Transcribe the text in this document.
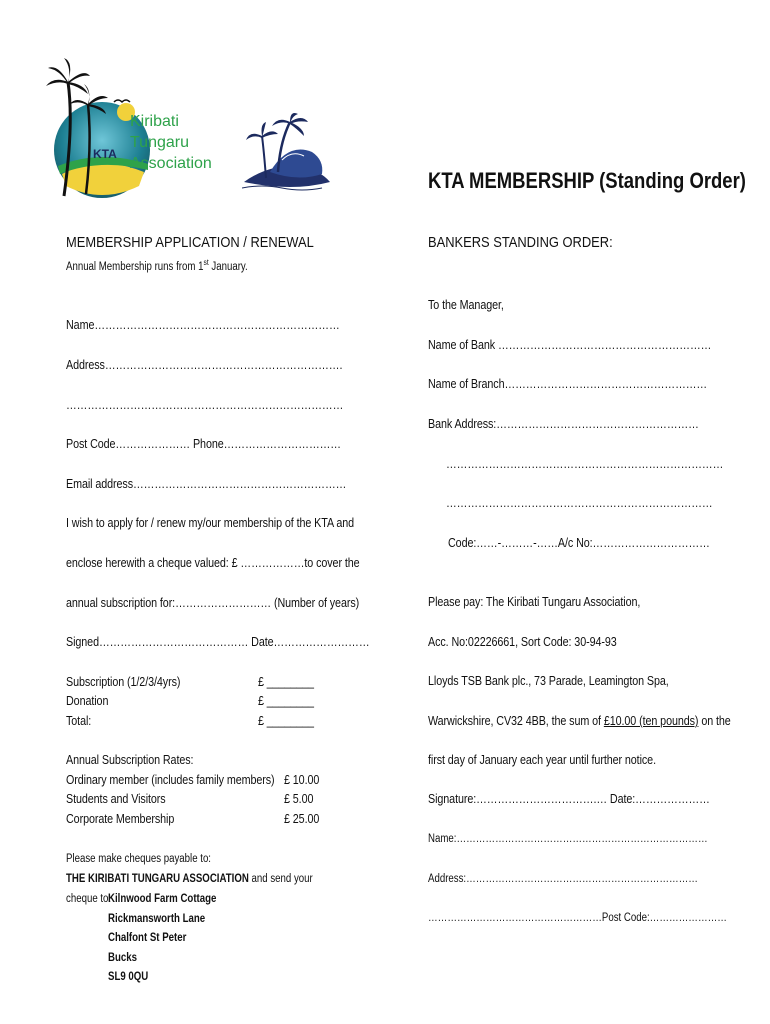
KTA
Kiribati
Tungaru
Association
KTA MEMBERSHIP (Standing Order)
MEMBERSHIP APPLICATION / RENEWAL
Annual Membership runs from 1st January.
Name……………………………………………………………
Address………………………………………………………….
……………………………………………………………………
Post Code………………… Phone……………………………
Email address……………………………………………………
I wish to apply for / renew my/our membership of the KTA and
enclose herewith a cheque valued: £ ………………to cover the
annual subscription for:……………………… (Number of years)
Signed…………………………………… Date………………………
Subscription (1/2/3/4yrs)	£ ________
Donation	£ ________
Total:	£ ________
Annual Subscription Rates:
Ordinary member (includes family members) £ 10.00
Students and Visitors	£ 5.00
Corporate Membership	£ 25.00
Please make cheques payable to:
THE KIRIBATI TUNGARU ASSOCIATION and send your
cheque to:
Kilnwood Farm Cottage
Rickmansworth Lane
Chalfont St Peter
Bucks
SL9 0QU
BANKERS STANDING ORDER:
To the Manager,
Name of Bank ……………………………………………………
Name of Branch…………………………………………………
Bank Address:…………………………………………………
……………………………………………………………………
…………………………………………………………………
Code:……-………-……A/c No:……………………………
Please pay: The Kiribati Tungaru Association,
Acc. No:02226661, Sort Code: 30-94-93
Lloyds TSB Bank plc., 73 Parade, Leamington Spa,
Warwickshire, CV32 4BB, the sum of £10.00 (ten pounds) on the
first day of January each year until further notice.
Signature:…………………………….… Date:…………………
Name:……………………………………………………………………
Address:………………………………………………………………
………………………………………………Post Code:……………………
